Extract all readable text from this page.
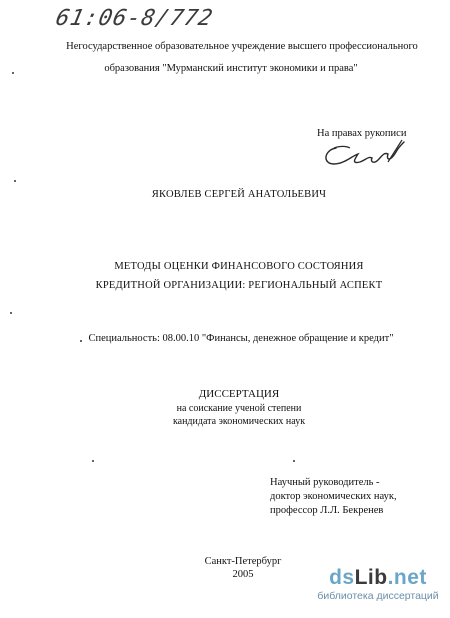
61:06-8/772
Негосударственное образовательное учреждение высшего профессионального
образования "Мурманский институт экономики и права"
На правах рукописи
ЯКОВЛЕВ СЕРГЕЙ АНАТОЛЬЕВИЧ
МЕТОДЫ ОЦЕНКИ ФИНАНСОВОГО СОСТОЯНИЯ
КРЕДИТНОЙ ОРГАНИЗАЦИИ: РЕГИОНАЛЬНЫЙ АСПЕКТ
Специальность: 08.00.10 "Финансы, денежное обращение и кредит"
ДИССЕРТАЦИЯ
на соискание ученой степени
кандидата экономических наук
Научный руководитель -
доктор экономических наук,
профессор Л.Л. Бекренев
Санкт-Петербург
2005	dsLib.net
библиотека диссертаций
